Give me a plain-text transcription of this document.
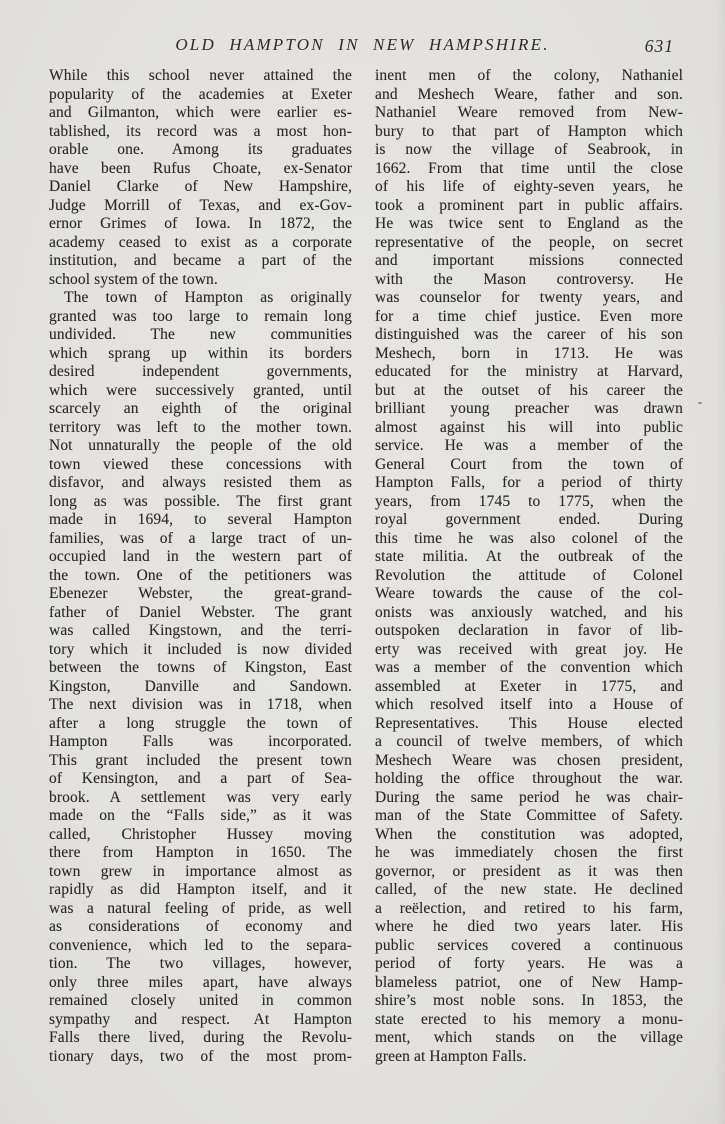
OLD HAMPTON IN NEW HAMPSHIRE.	631
While this school never attained the
popularity of the academies at Exeter
and Gilmanton, which were earlier es-
tablished, its record was a most hon-
orable one. Among its graduates
have been Rufus Choate, ex-Senator
Daniel Clarke of New Hampshire,
Judge Morrill of Texas, and ex-Gov-
ernor Grimes of Iowa. In 1872, the
academy ceased to exist as a corporate
institution, and became a part of the
school system of the town.
The town of Hampton as originally
granted was too large to remain long
undivided. The new communities
which sprang up within its borders
desired independent governments,
which were successively granted, until
scarcely an eighth of the original
territory was left to the mother town.
Not unnaturally the people of the old
town viewed these concessions with
disfavor, and always resisted them as
long as was possible. The first grant
made in 1694, to several Hampton
families, was of a large tract of un-
occupied land in the western part of
the town. One of the petitioners was
Ebenezer Webster, the great-grand-
father of Daniel Webster. The grant
was called Kingstown, and the terri-
tory which it included is now divided
between the towns of Kingston, East
Kingston, Danville and Sandown.
The next division was in 1718, when
after a long struggle the town of
Hampton Falls was incorporated.
This grant included the present town
of Kensington, and a part of Sea-
brook. A settlement was very early
made on the “Falls side,” as it was
called, Christopher Hussey moving
there from Hampton in 1650. The
town grew in importance almost as
rapidly as did Hampton itself, and it
was a natural feeling of pride, as well
as considerations of economy and
convenience, which led to the separa-
tion. The two villages, however,
only three miles apart, have always
remained closely united in common
sympathy and respect. At Hampton
Falls there lived, during the Revolu-
tionary days, two of the most prom-
inent men of the colony, Nathaniel
and Meshech Weare, father and son.
Nathaniel Weare removed from New-
bury to that part of Hampton which
is now the village of Seabrook, in
1662. From that time until the close
of his life of eighty-seven years, he
took a prominent part in public affairs.
He was twice sent to England as the
representative of the people, on secret
and important missions connected
with the Mason controversy. He
was counselor for twenty years, and
for a time chief justice. Even more
distinguished was the career of his son
Meshech, born in 1713. He was
educated for the ministry at Harvard,
but at the outset of his career the
brilliant young preacher was drawn
almost against his will into public
service. He was a member of the
General Court from the town of
Hampton Falls, for a period of thirty
years, from 1745 to 1775, when the
royal government ended. During
this time he was also colonel of the
state militia. At the outbreak of the
Revolution the attitude of Colonel
Weare towards the cause of the col-
onists was anxiously watched, and his
outspoken declaration in favor of lib-
erty was received with great joy. He
was a member of the convention which
assembled at Exeter in 1775, and
which resolved itself into a House of
Representatives. This House elected
a council of twelve members, of which
Meshech Weare was chosen president,
holding the office throughout the war.
During the same period he was chair-
man of the State Committee of Safety.
When the constitution was adopted,
he was immediately chosen the first
governor, or president as it was then
called, of the new state. He declined
a reëlection, and retired to his farm,
where he died two years later. His
public services covered a continuous
period of forty years. He was a
blameless patriot, one of New Hamp-
shire’s most noble sons. In 1853, the
state erected to his memory a monu-
ment, which stands on the village
green at Hampton Falls.
